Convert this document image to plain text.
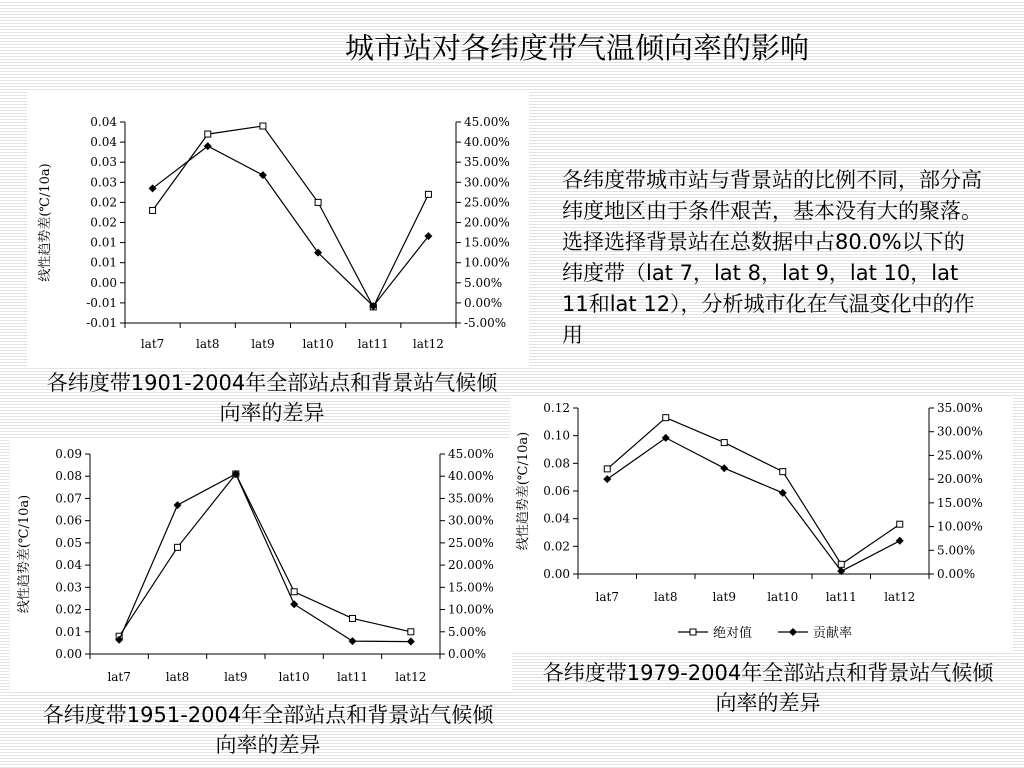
城市站对各纬度带气温倾向率的影响
-0.01
-0.01
0.00
0.01
0.01
0.02
0.02
0.03
0.03
0.04
0.04
-5.00%
0.00%
5.00%
10.00%
15.00%
20.00%
25.00%
30.00%
35.00%
40.00%
45.00%
lat7	lat8	lat9 lat10 lat11 lat12
线性趋势差(℃/10a)
0.00
0.01
0.02
0.03
0.04
0.05
0.06
0.07
0.08
0.09
0.00%
5.00%
10.00%
15.00%
20.00%
25.00%
30.00%
35.00%
40.00%
45.00%
lat7	lat8	lat9	lat10 lat11 lat12
线性趋势差(℃/10a)	0.00
0.02
0.04
0.06
0.08
0.10
0.12
0.00%
5.00%
10.00%
15.00%
20.00%
25.00%
30.00%
35.00%
lat7	lat8	lat9	lat10 lat11 lat12
线性趋势差(℃/10a)
绝对值	贡献率
各纬度带城市站与背景站的比例不同，部分高纬度地区由于条件艰苦，基本没有大的聚落。选择选择背景站在总数据中占80.0%以下的纬度带（lat 7，lat 8，lat 9，lat 10，lat 11和lat 12），分析城市化在气温变化中的作用
各纬度带1901-2004年全部站点和背景站气候倾向率的差异
各纬度带1951-2004年全部站点和背景站气候倾向率的差异
各纬度带1979-2004年全部站点和背景站气候倾向率的差异
